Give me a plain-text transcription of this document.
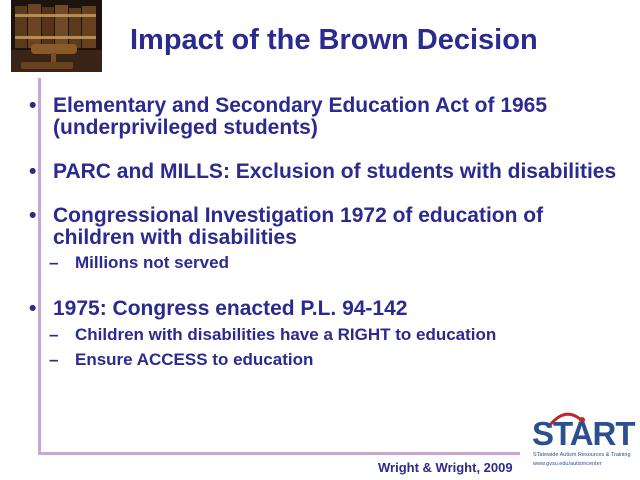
Impact of the Brown Decision
• Elementary and Secondary Education Act of 1965 (underprivileged students)
• PARC and MILLS: Exclusion of students with disabilities
• Congressional Investigation 1972 of education of children with disabilities
– Millions not served
• 1975: Congress enacted P.L. 94-142
– Children with disabilities have a RIGHT to education
– Ensure ACCESS to education
Wright & Wright, 2009
START
STatewide Autism Resources & Training
www.gvsu.edu/autismcenter
